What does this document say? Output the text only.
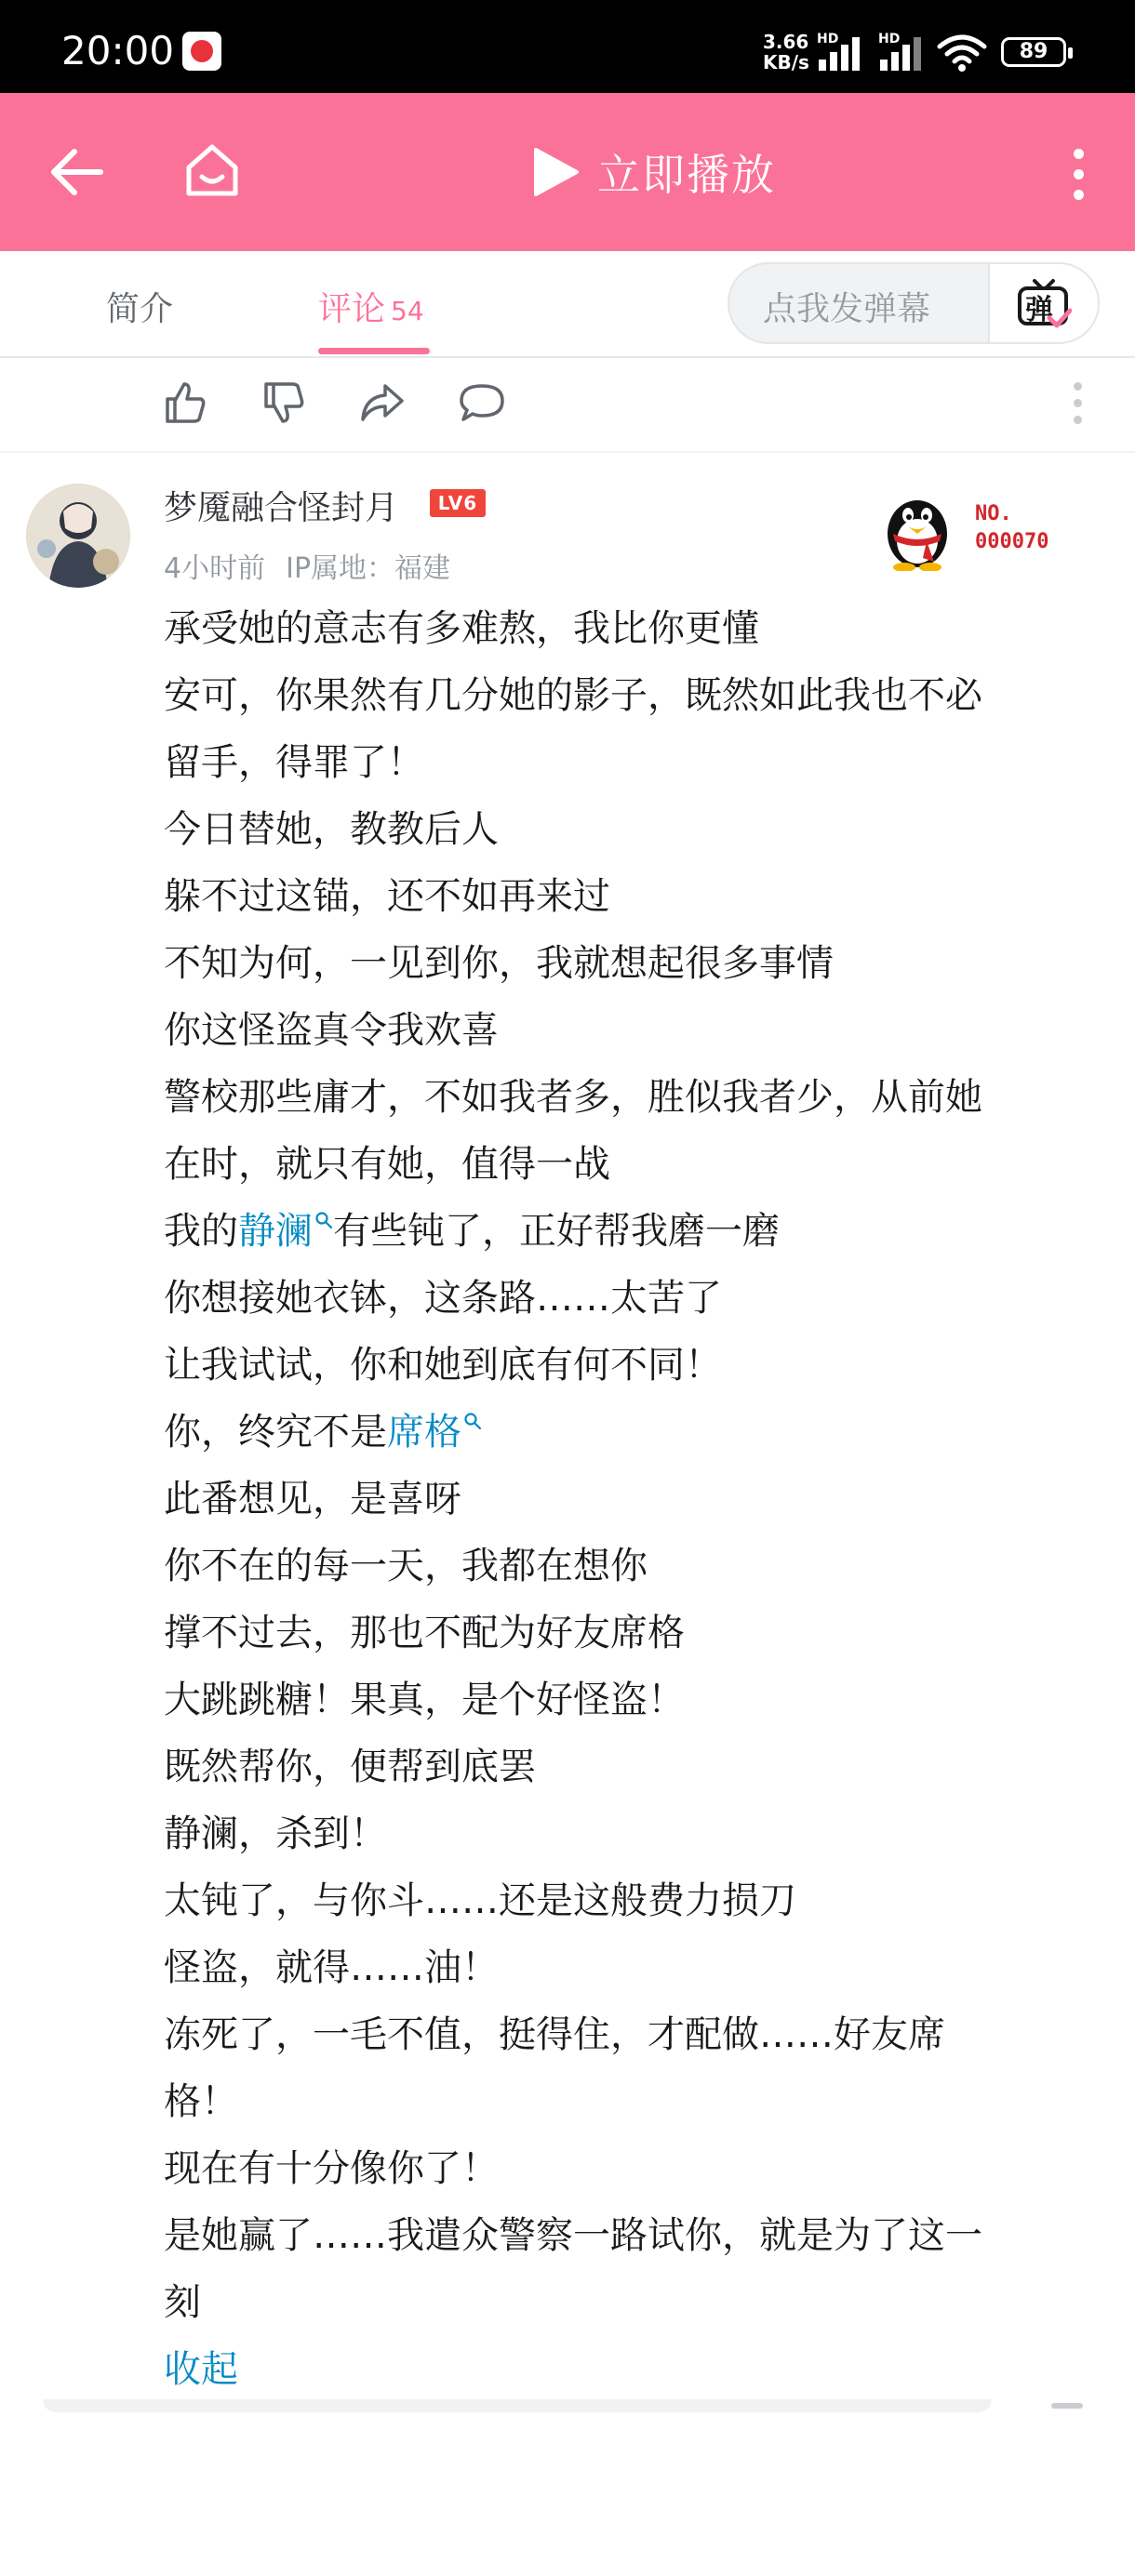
20:00	3.66
KB/s
HD	HD
89
立即播放
简介	评论 54	点我发弹幕	弹
梦魇融合怪封月	LV6
4小时前 IP属地：福建
NO.
000070
承受她的意志有多难熬，我比你更懂
安可，你果然有几分她的影子，既然如此我也不必
留手，得罪了！
今日替她，教教后人
躲不过这锚，还不如再来过
不知为何，一见到你，我就想起很多事情
你这怪盗真令我欢喜
警校那些庸才，不如我者多，胜似我者少，从前她
在时，就只有她，值得一战
我的静澜 有些钝了，正好帮我磨一磨
你想接她衣钵，这条路……太苦了
让我试试，你和她到底有何不同！
你，终究不是席格
此番想见，是喜呀
你不在的每一天，我都在想你
撑不过去，那也不配为好友席格
大跳跳糖！果真，是个好怪盗！
既然帮你，便帮到底罢
静澜，杀到！
太钝了，与你斗……还是这般费力损刀
怪盗，就得……油！
冻死了，一毛不值，挺得住，才配做……好友席
格！
现在有十分像你了！
是她赢了……我遣众警察一路试你，就是为了这一
刻
收起
